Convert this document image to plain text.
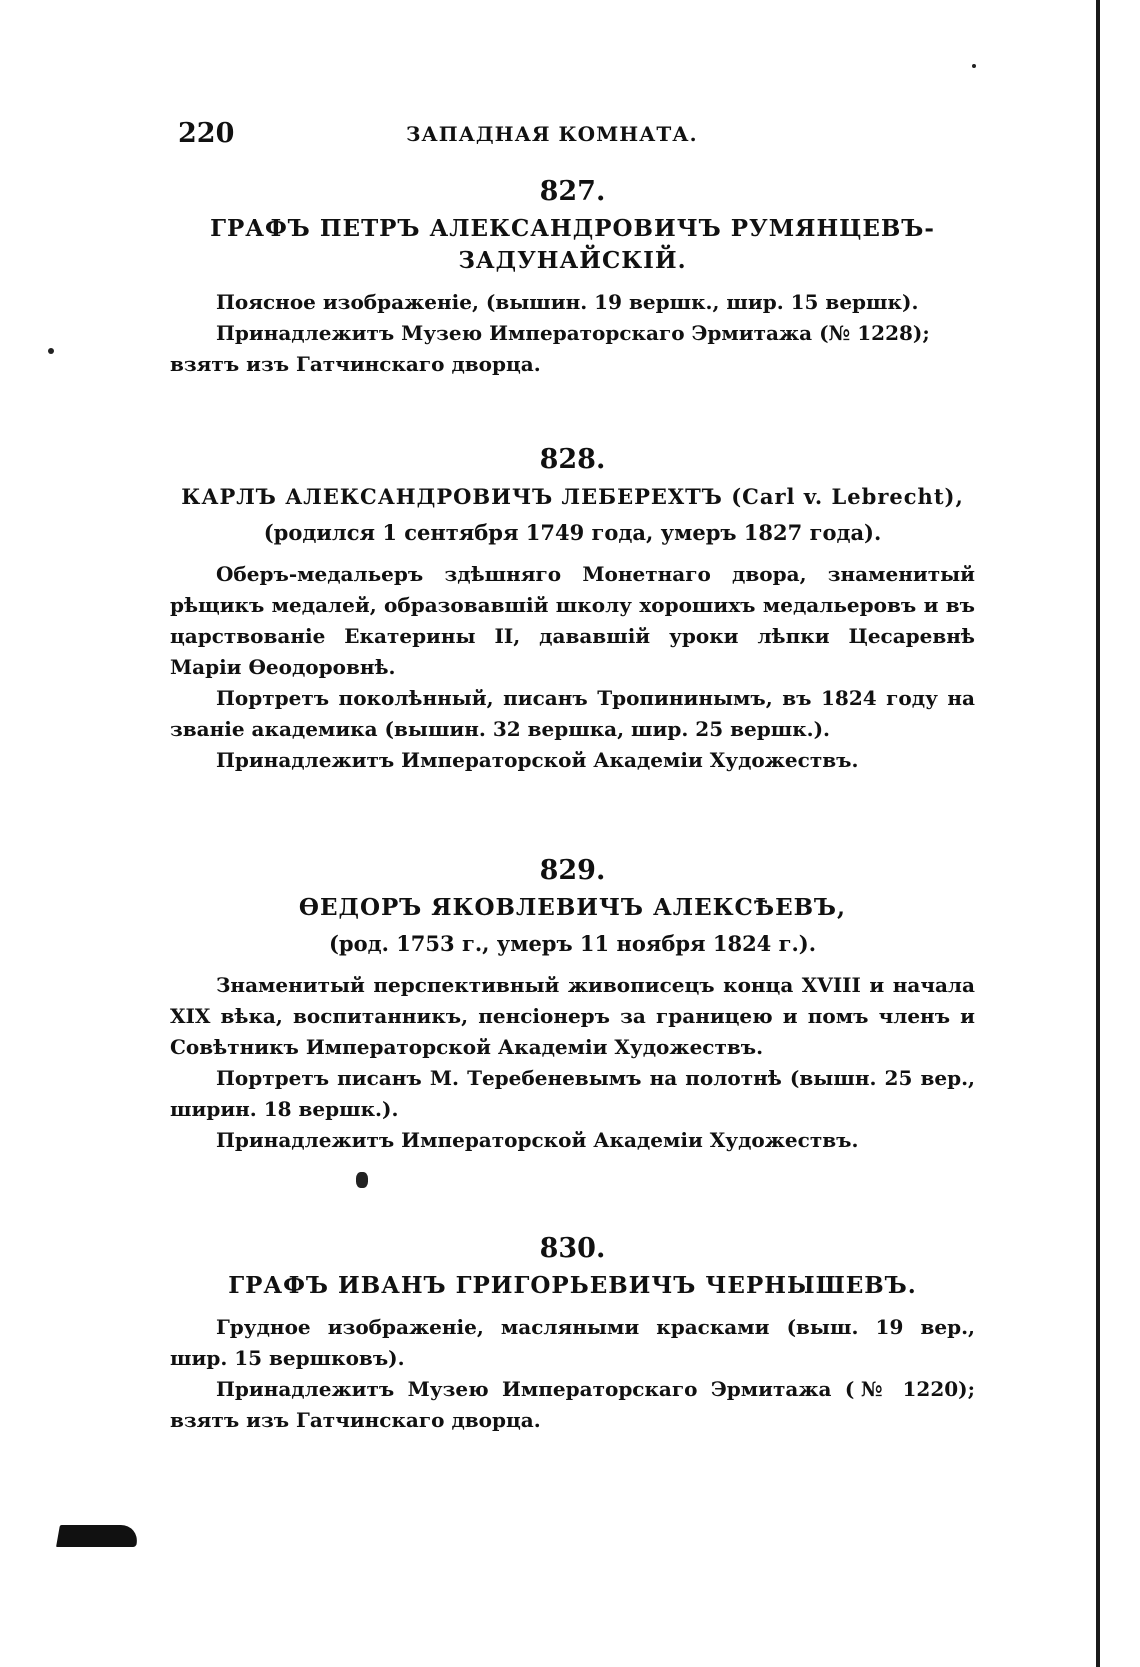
220	ЗАПАДНАЯ КОМНАТА.
827.
ГРАФЪ ПЕТРЪ АЛЕКСАНДРОВИЧЪ РУМЯНЦЕВЪ-
ЗАДУНАЙСКІЙ.

Поясное изображеніе, (вышин. 19 вершк., шир. 15 вершк).

Принадлежитъ Музею Императорскаго Эрмитажа (№ 1228);

взятъ изъ Гатчинскаго дворца.

828.
КАРЛЪ АЛЕКСАНДРОВИЧЪ ЛЕБЕРЕХТЪ (Carl v. Lebrecht),
(родился 1 сентября 1749 года, умеръ 1827 года).

Оберъ-медальеръ здѣшняго Монетнаго двора, знаменитый рѣщикъ медалей, образовавшій школу хорошихъ медальеровъ и въ царствованіе Екатерины II, дававшій уроки лѣпки Цесаревнѣ Маріи Ѳеодоровнѣ.

Портретъ поколѣнный, писанъ Тропининымъ, въ 1824 году на званіе академика (вышин. 32 вершка, шир. 25 вершк.).

Принадлежитъ Императорской Академіи Художествъ.

829.
ѲЕДОРЪ ЯКОВЛЕВИЧЪ АЛЕКСѢЕВЪ,
(род. 1753 г., умеръ 11 ноября 1824 г.).

Знаменитый перспективный живописецъ конца XVIII и начала XIX вѣка, воспитанникъ, пенсіонеръ за границею и помъ членъ и Совѣтникъ Императорской Академіи Художествъ.

Портретъ писанъ М. Теребеневымъ на полотнѣ (вышн. 25 вер., ширин. 18 вершк.).

Принадлежитъ Императорской Академіи Художествъ.

830.
ГРАФЪ ИВАНЪ ГРИГОРЬЕВИЧЪ ЧЕРНЫШЕВЪ.

Грудное изображеніе, масляными красками (выш. 19 вер., шир. 15 вершковъ).

Принадлежитъ Музею Императорскаго Эрмитажа (№ 1220); взятъ изъ Гатчинскаго дворца.
